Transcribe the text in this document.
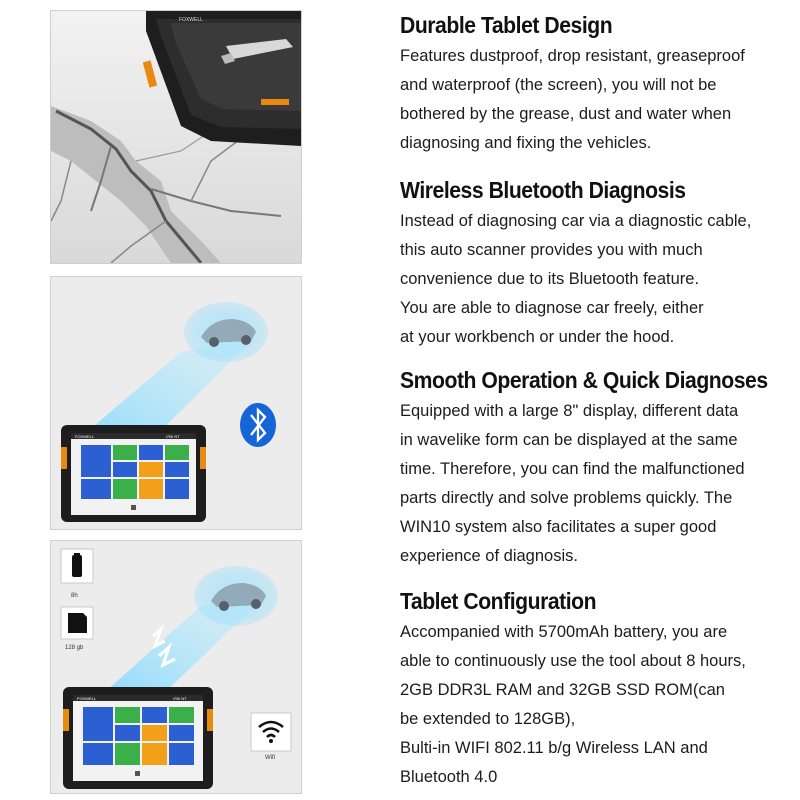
FOXWELL
FOXWELL	i70ll NT
8h
128 gb
Wifi
FOXWELL	i70ll NT
Durable Tablet Design
Features dustproof, drop resistant, greaseproof
and waterproof (the screen), you will not be
bothered by the grease, dust and water when
diagnosing and fixing the vehicles.
Wireless Bluetooth Diagnosis
Instead of diagnosing car via a diagnostic cable,
this auto scanner provides you with much
convenience due to its Bluetooth feature.
You are able to diagnose car freely, either
at your workbench or under the hood.
Smooth Operation & Quick Diagnoses
Equipped with a large 8" display, different data
in wavelike form can be displayed at the same
time. Therefore, you can find the malfunctioned
parts directly and solve problems quickly. The
WIN10 system also facilitates a super good
experience of diagnosis.
Tablet Configuration
Accompanied with 5700mAh battery, you are
able to continuously use the tool about 8 hours,
2GB DDR3L RAM and 32GB SSD ROM(can
be extended to 128GB),
Bulti-in WIFI 802.11 b/g Wireless LAN and
Bluetooth 4.0
